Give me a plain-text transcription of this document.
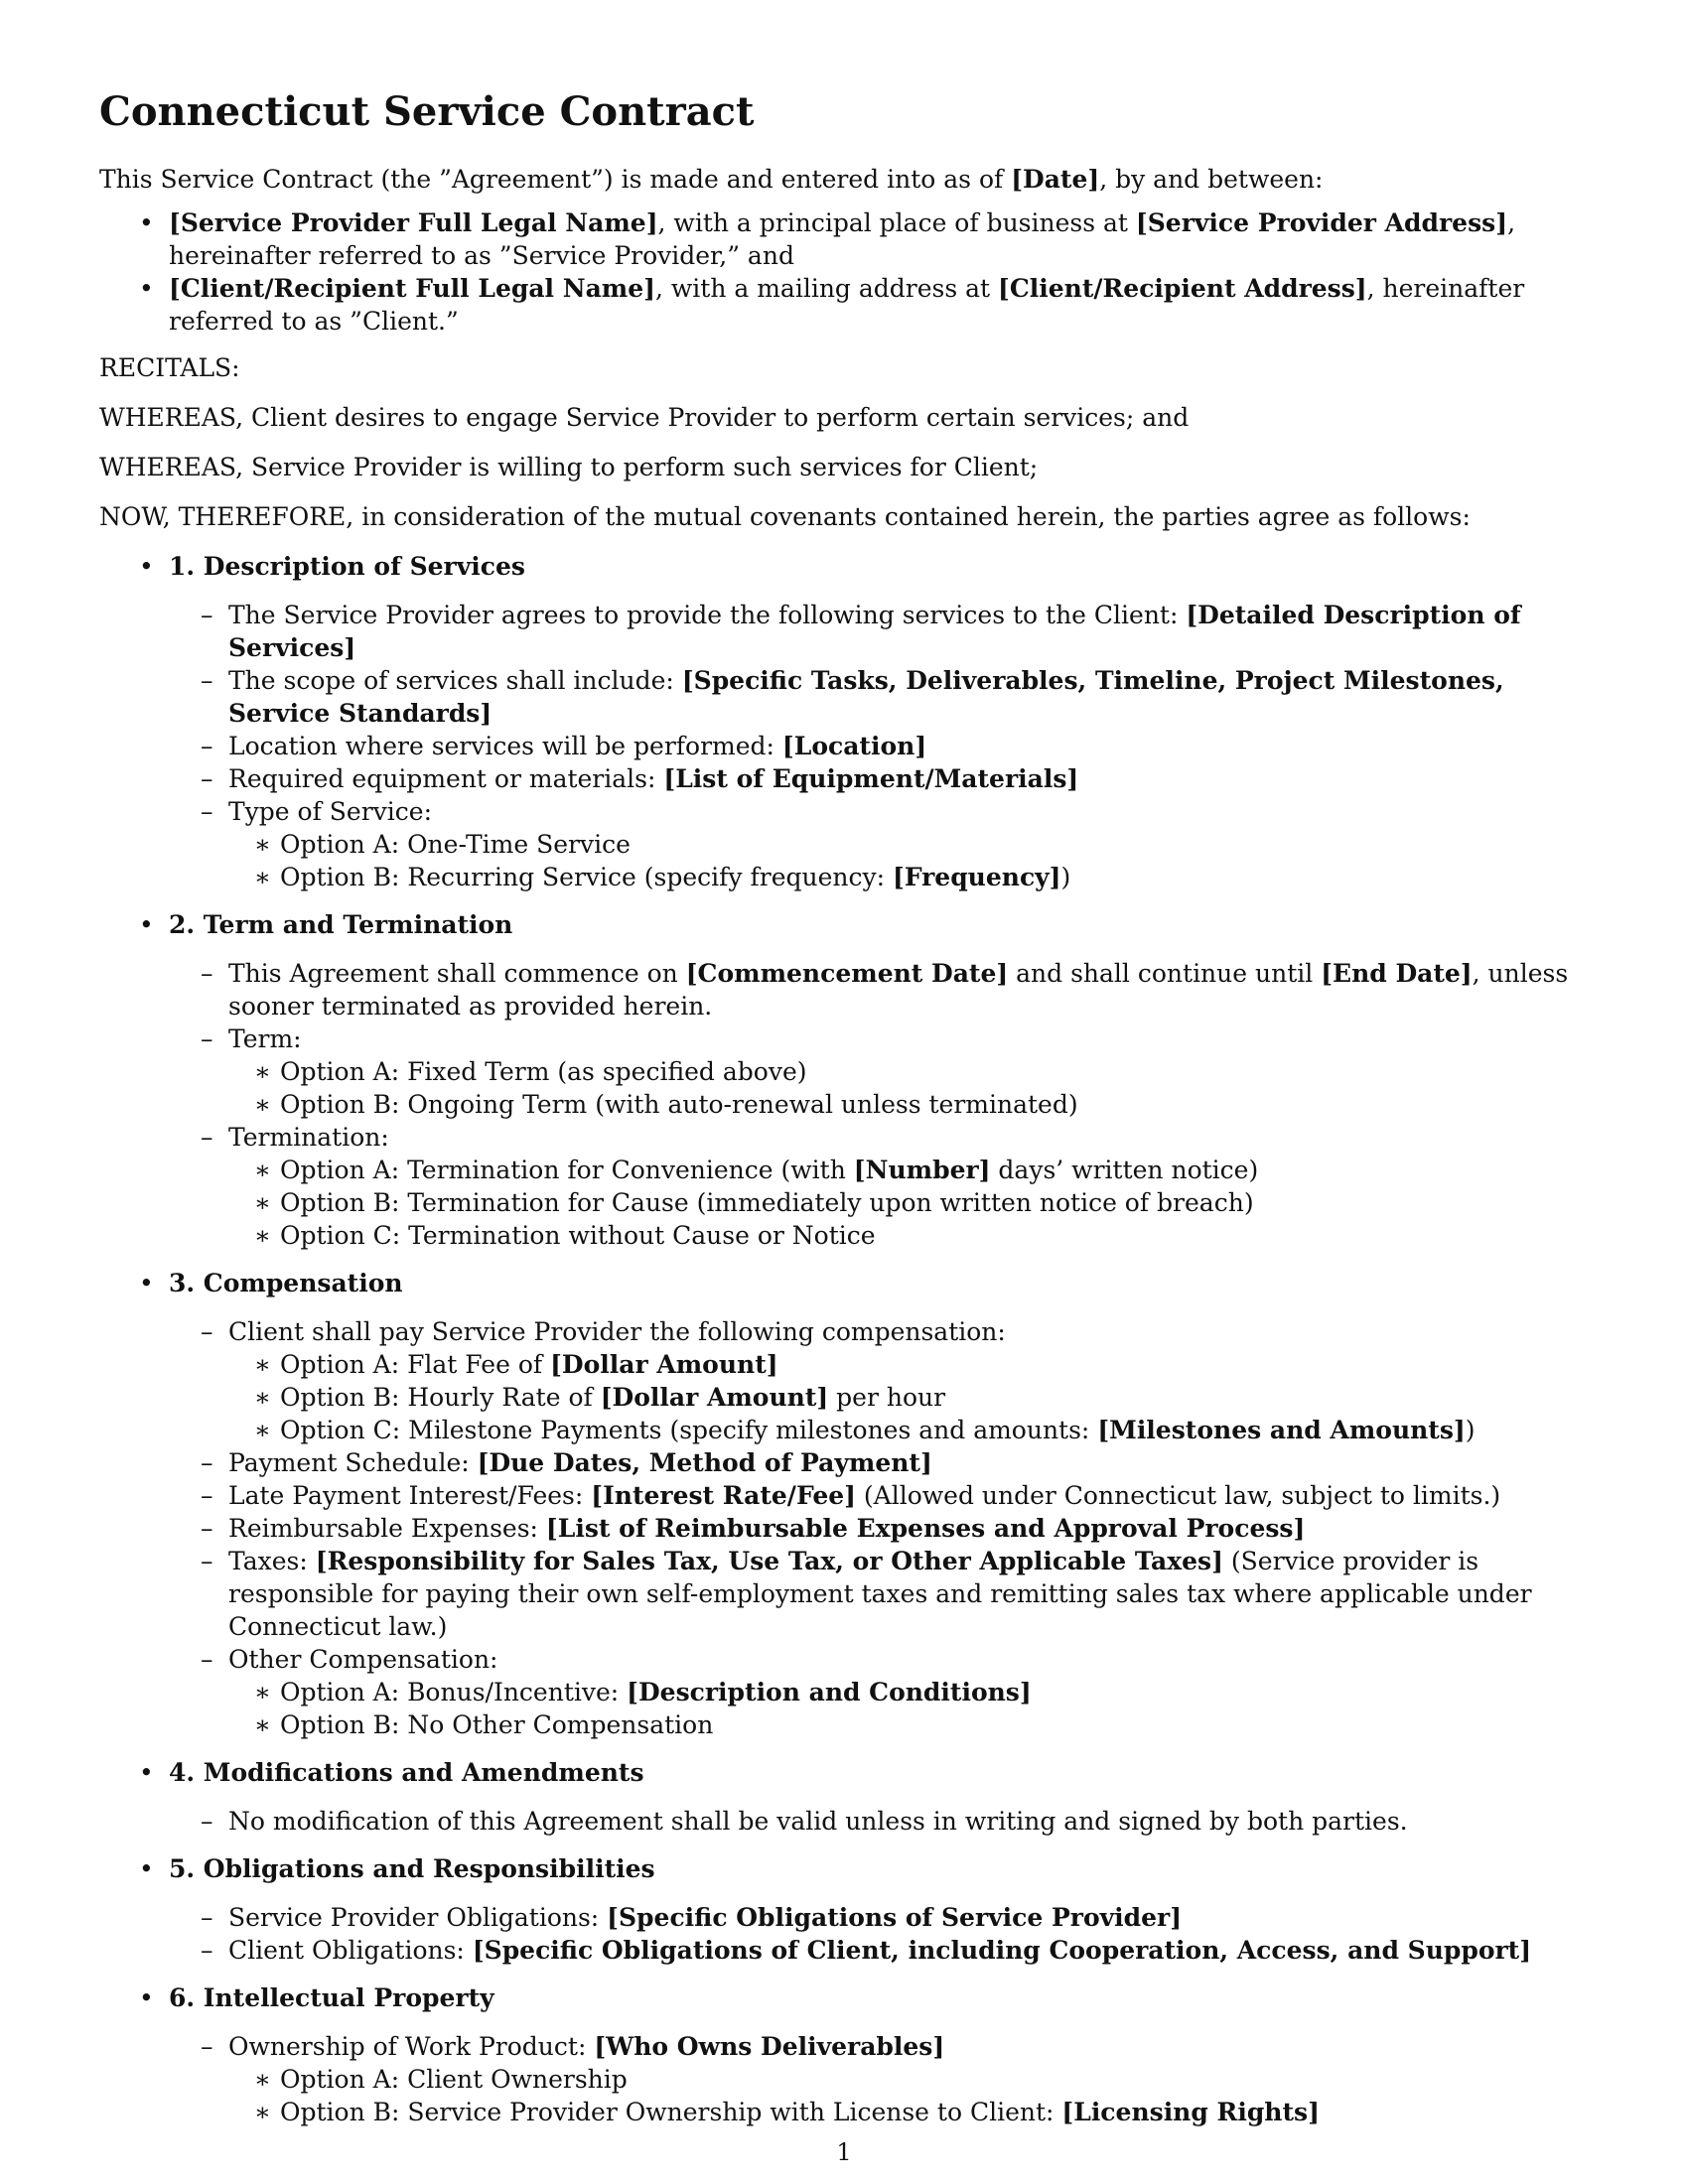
Connecticut Service Contract

This Service Contract (the ”Agreement”) is made and entered into as of [Date], by and between:

• [Service Provider Full Legal Name], with a principal place of business at [Service Provider Address], hereinafter referred to as ”Service Provider,” and
• [Client/Recipient Full Legal Name], with a mailing address at [Client/Recipient Address], hereinafter referred to as ”Client.”

RECITALS:

WHEREAS, Client desires to engage Service Provider to perform certain services; and

WHEREAS, Service Provider is willing to perform such services for Client;

NOW, THEREFORE, in consideration of the mutual covenants contained herein, the parties agree as follows:

• 1. Description of Services
– The Service Provider agrees to provide the following services to the Client: [Detailed Description of Services]
– The scope of services shall include: [Specific Tasks, Deliverables, Timeline, Project Milestones, Service Standards]
– Location where services will be performed: [Location]
– Required equipment or materials: [List of Equipment/Materials]
– Type of Service:
∗ Option A: One-Time Service
∗ Option B: Recurring Service (specify frequency: [Frequency])
• 2. Term and Termination
– This Agreement shall commence on [Commencement Date] and shall continue until [End Date], unless sooner terminated as provided herein.
– Term:
∗ Option A: Fixed Term (as specified above)
∗ Option B: Ongoing Term (with auto-renewal unless terminated)
– Termination:
∗ Option A: Termination for Convenience (with [Number] days’ written notice)
∗ Option B: Termination for Cause (immediately upon written notice of breach)
∗ Option C: Termination without Cause or Notice
• 3. Compensation
– Client shall pay Service Provider the following compensation:
∗ Option A: Flat Fee of [Dollar Amount]
∗ Option B: Hourly Rate of [Dollar Amount] per hour
∗ Option C: Milestone Payments (specify milestones and amounts: [Milestones and Amounts])
– Payment Schedule: [Due Dates, Method of Payment]
– Late Payment Interest/Fees: [Interest Rate/Fee] (Allowed under Connecticut law, subject to limits.)
– Reimbursable Expenses: [List of Reimbursable Expenses and Approval Process]
– Taxes: [Responsibility for Sales Tax, Use Tax, or Other Applicable Taxes] (Service provider is responsible for paying their own self-employment taxes and remitting sales tax where applicable under Connecticut law.)
– Other Compensation:
∗ Option A: Bonus/Incentive: [Description and Conditions]
∗ Option B: No Other Compensation
• 4. Modifications and Amendments
– No modification of this Agreement shall be valid unless in writing and signed by both parties.
• 5. Obligations and Responsibilities
– Service Provider Obligations: [Specific Obligations of Service Provider]
– Client Obligations: [Specific Obligations of Client, including Cooperation, Access, and Support]
• 6. Intellectual Property
– Ownership of Work Product: [Who Owns Deliverables]
∗ Option A: Client Ownership
∗ Option B: Service Provider Ownership with License to Client: [Licensing Rights]
1
